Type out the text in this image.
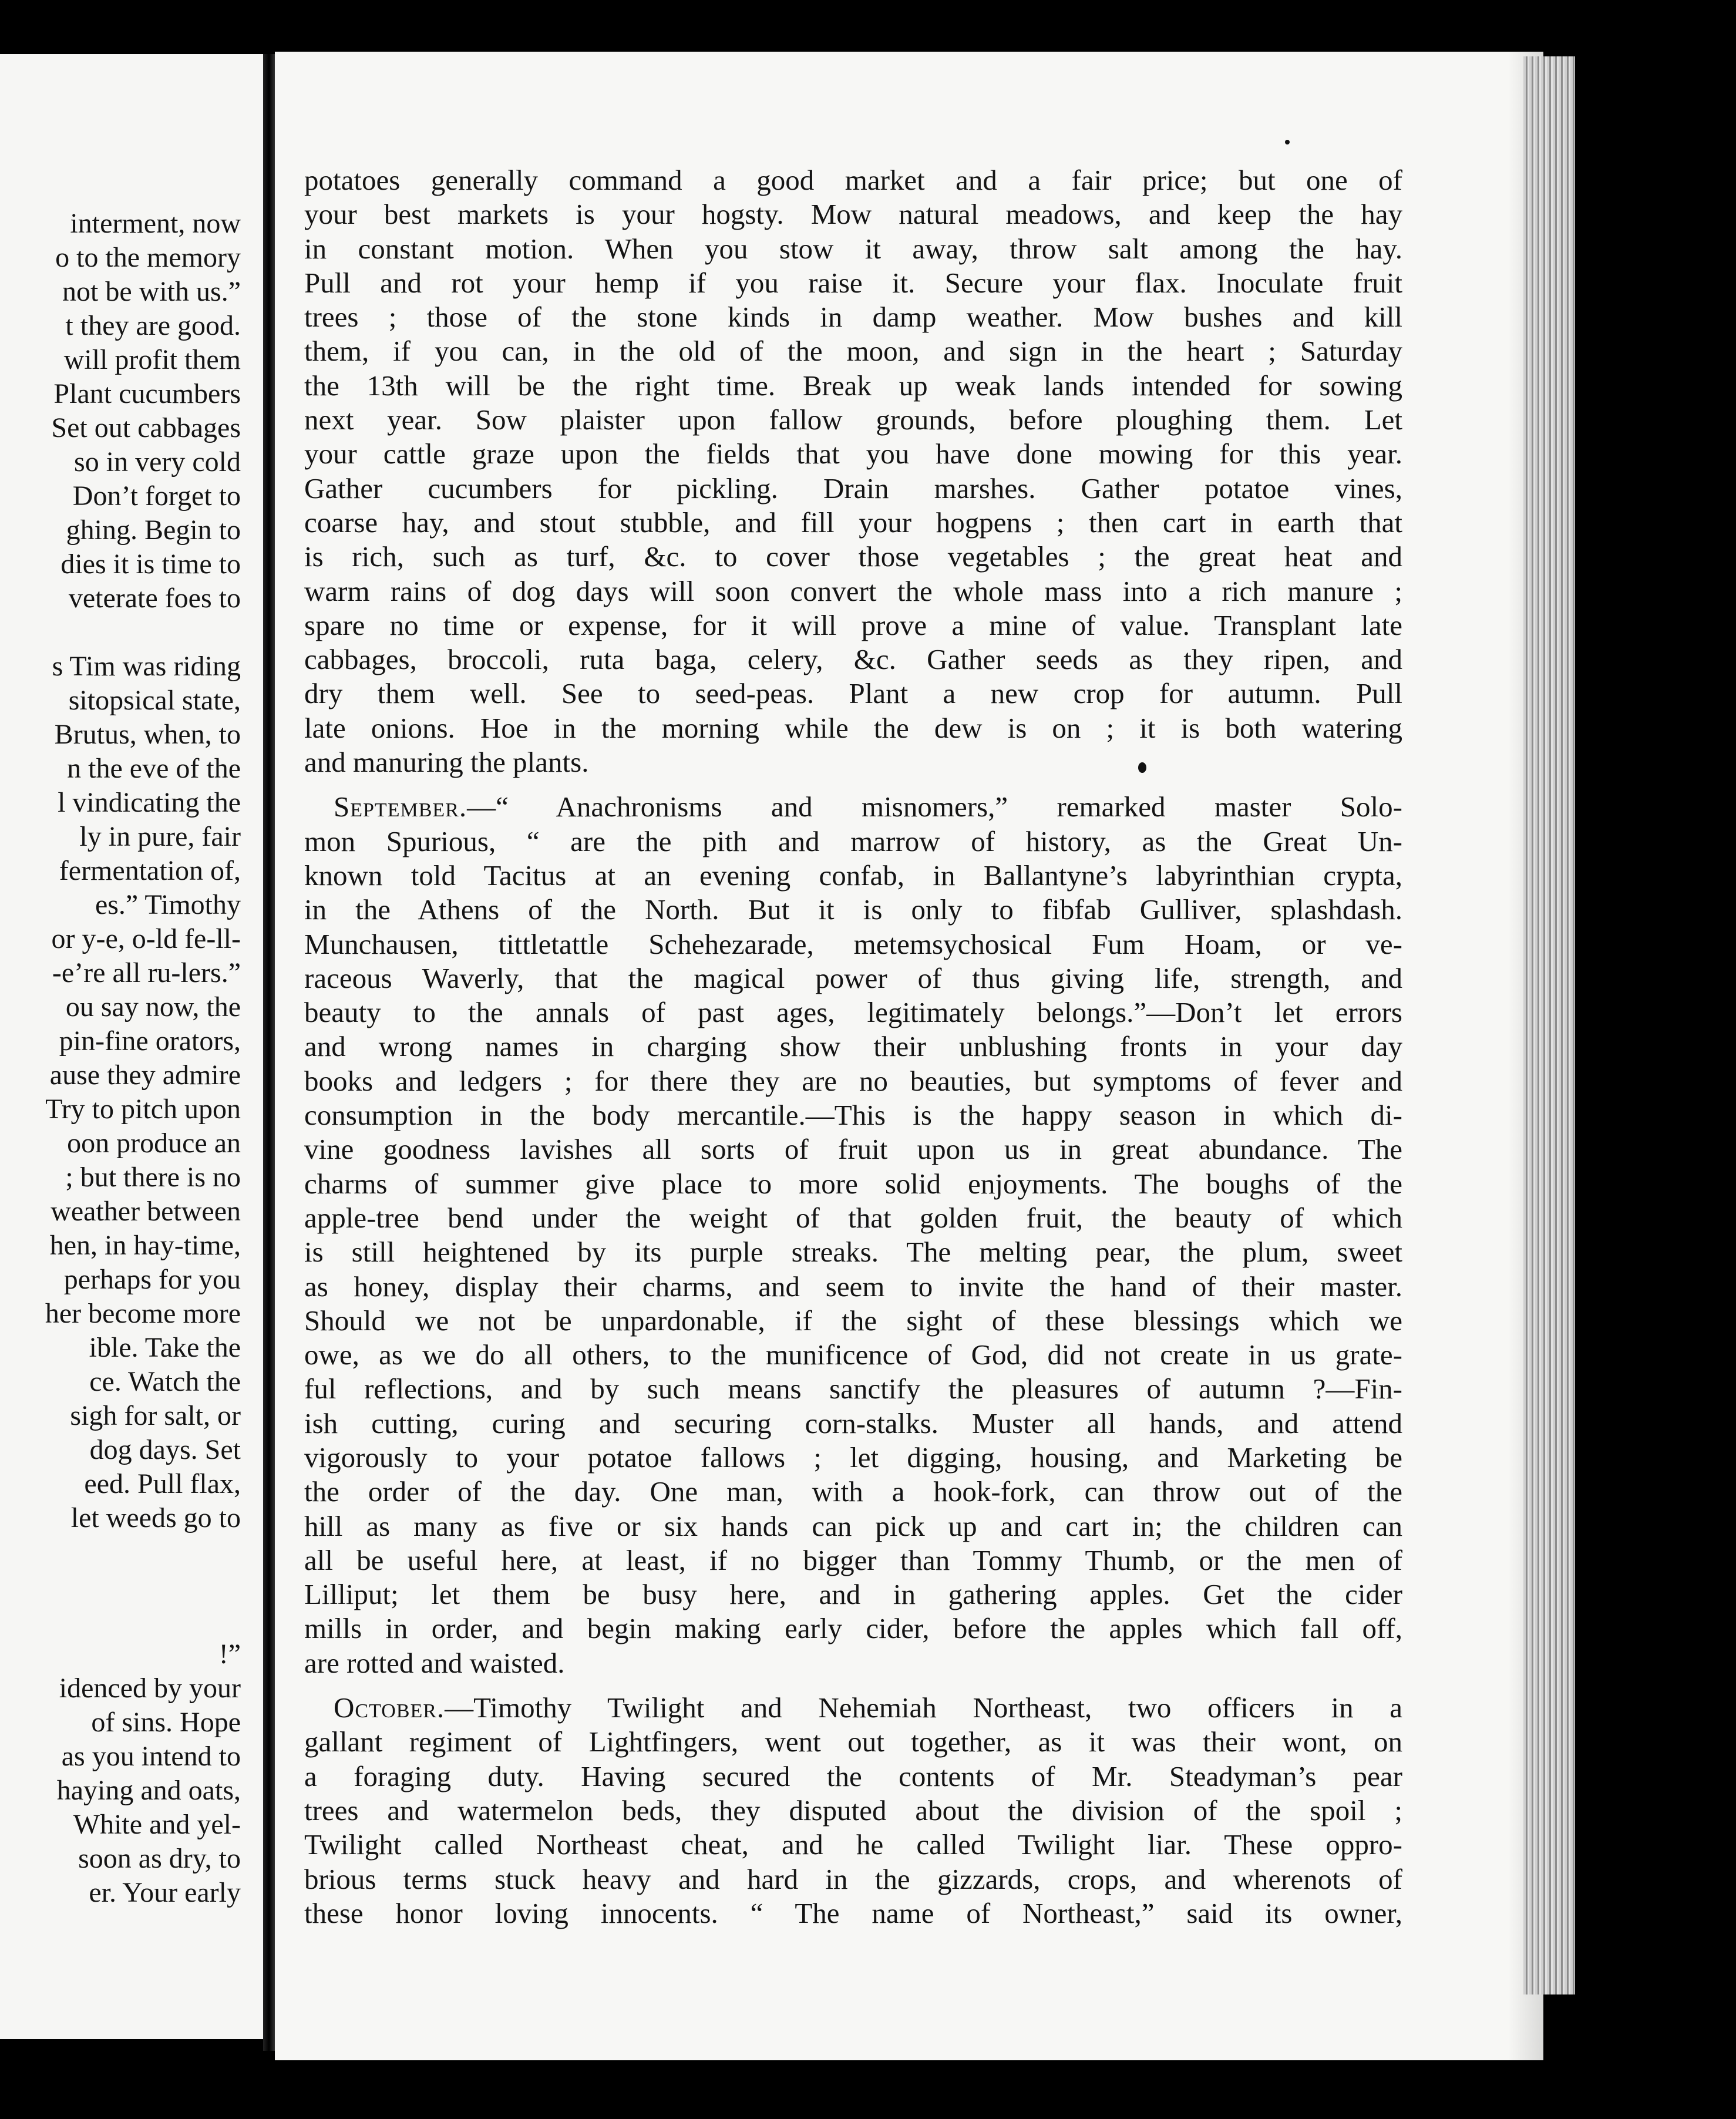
interment, now
o to the memory
not be with us.”
t they are good.
will profit them
Plant cucumbers
Set out cabbages
so in very cold
Don’t forget to
ghing. Begin to
dies it is time to
veterate foes to
s Tim was riding
sitopsical state,
Brutus, when, to
n the eve of the
l vindicating the
ly in pure, fair
fermentation of,
es.” Timothy
or y-e, o-ld fe-ll-
-e’re all ru-lers.”
ou say now, the
pin-fine orators,
ause they admire
Try to pitch upon
oon produce an
; but there is no
weather between
hen, in hay-time,
perhaps for you
her become more
ible. Take the
ce. Watch the
sigh for salt, or
dog days. Set
eed. Pull flax,
let weeds go to
!”
idenced by your
of sins. Hope
as you intend to
haying and oats,
White and yel-
soon as dry, to
er. Your early
potatoes generally command a good market and a fair price; but one of
your best markets is your hogsty. Mow natural meadows, and keep the hay
in constant motion. When you stow it away, throw salt among the hay.
Pull and rot your hemp if you raise it. Secure your flax. Inoculate fruit
trees ; those of the stone kinds in damp weather. Mow bushes and kill
them, if you can, in the old of the moon, and sign in the heart ; Saturday
the 13th will be the right time. Break up weak lands intended for sowing
next year. Sow plaister upon fallow grounds, before ploughing them. Let
your cattle graze upon the fields that you have done mowing for this year.
Gather cucumbers for pickling. Drain marshes. Gather potatoe vines,
coarse hay, and stout stubble, and fill your hogpens ; then cart in earth that
is rich, such as turf, &c. to cover those vegetables ; the great heat and
warm rains of dog days will soon convert the whole mass into a rich manure ;
spare no time or expense, for it will prove a mine of value. Transplant late
cabbages, broccoli, ruta baga, celery, &c. Gather seeds as they ripen, and
dry them well. See to seed-peas. Plant a new crop for autumn. Pull
late onions. Hoe in the morning while the dew is on ; it is both watering
and manuring the plants.
September.—“ Anachronisms and misnomers,” remarked master Solo-
mon Spurious, “ are the pith and marrow of history, as the Great Un-
known told Tacitus at an evening confab, in Ballantyne’s labyrinthian crypta,
in the Athens of the North. But it is only to fibfab Gulliver, splashdash.
Munchausen, tittletattle Schehezarade, metemsychosical Fum Hoam, or ve-
raceous Waverly, that the magical power of thus giving life, strength, and
beauty to the annals of past ages, legitimately belongs.”—Don’t let errors
and wrong names in charging show their unblushing fronts in your day
books and ledgers ; for there they are no beauties, but symptoms of fever and
consumption in the body mercantile.—This is the happy season in which di-
vine goodness lavishes all sorts of fruit upon us in great abundance. The
charms of summer give place to more solid enjoyments. The boughs of the
apple-tree bend under the weight of that golden fruit, the beauty of which
is still heightened by its purple streaks. The melting pear, the plum, sweet
as honey, display their charms, and seem to invite the hand of their master.
Should we not be unpardonable, if the sight of these blessings which we
owe, as we do all others, to the munificence of God, did not create in us grate-
ful reflections, and by such means sanctify the pleasures of autumn ?—Fin-
ish cutting, curing and securing corn-stalks. Muster all hands, and attend
vigorously to your potatoe fallows ; let digging, housing, and Marketing be
the order of the day. One man, with a hook-fork, can throw out of the
hill as many as five or six hands can pick up and cart in; the children can
all be useful here, at least, if no bigger than Tommy Thumb, or the men of
Lilliput; let them be busy here, and in gathering apples. Get the cider
mills in order, and begin making early cider, before the apples which fall off,
are rotted and waisted.
October.—Timothy Twilight and Nehemiah Northeast, two officers in a
gallant regiment of Lightfingers, went out together, as it was their wont, on
a foraging duty. Having secured the contents of Mr. Steadyman’s pear
trees and watermelon beds, they disputed about the division of the spoil ;
Twilight called Northeast cheat, and he called Twilight liar. These oppro-
brious terms stuck heavy and hard in the gizzards, crops, and wherenots of
these honor loving innocents. “ The name of Northeast,” said its owner,
